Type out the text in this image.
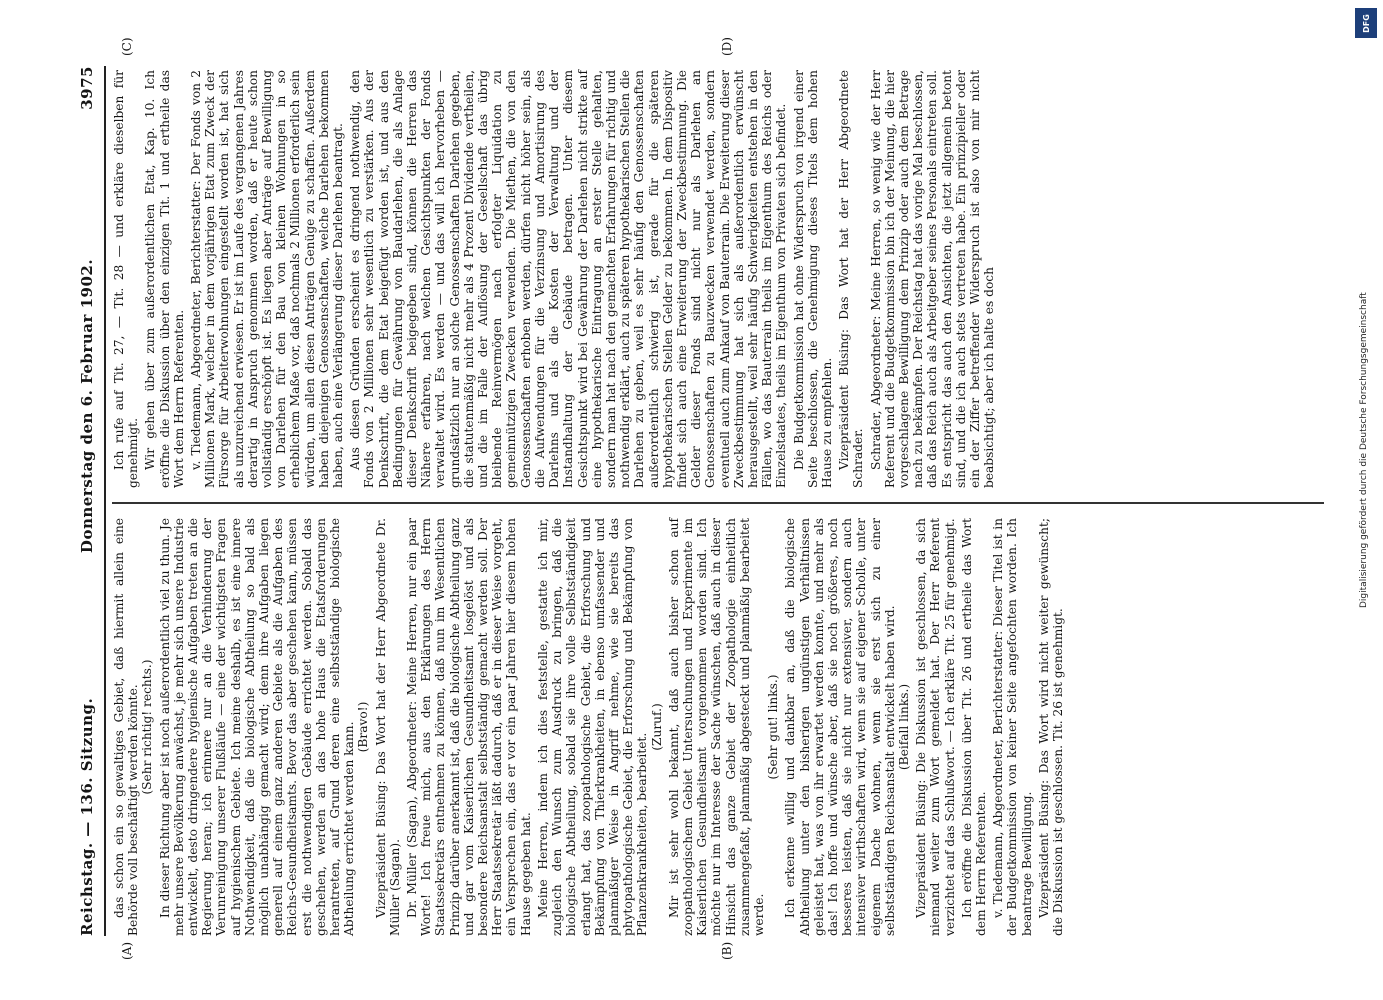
Reichstag. — 136. Sitzung.
Donnerstag den 6. Februar 1902.
3975
(A)	(B)
(C)	(D)

das schon ein so gewaltiges Gebiet, daß hiermit allein eine Behörde voll beschäftigt werden könnte. (Sehr richtig! rechts.) In dieser Richtung aber ist noch außerordentlich viel zu thun. Je mehr unsere Bevölkerung anwächst, je mehr sich unsere Industrie entwickelt, desto dringendere hygienische Aufgaben treten an die Regierung heran; ich erinnere nur an die Verhinderung der Verunreinigung unserer Flußläufe — eine der wichtigsten Fragen auf hygienischem Gebiete. Ich meine deshalb, es ist eine innere Nothwendigkeit, daß die biologische Abtheilung so bald als möglich unabhängig gemacht wird; denn ihre Aufgaben liegen generell auf einem ganz anderen Gebiete als die Aufgaben des Reichs-Gesundheitsamts. Bevor das aber geschehen kann, müssen erst die nothwendigen Gebäude errichtet werden. Sobald das geschehen, werden an das hohe Haus die Etatsforderungen herantreten, auf Grund deren eine selbstständige biologische Abtheilung errichtet werden kann. (Bravo!) Vizepräsident Büsing: Das Wort hat der Herr Abgeordnete Dr. Müller (Sagan). Dr. Müller (Sagan), Abgeordneter: Meine Herren, nur ein paar Worte! Ich freue mich, aus den Erklärungen des Herrn Staatssekretärs entnehmen zu können, daß nun im Wesentlichen Prinzip darüber anerkannt ist, daß die biologische Abtheilung ganz und gar vom Kaiserlichen Gesundheitsamt losgelöst und als besondere Reichsanstalt selbstständig gemacht werden soll. Der Herr Staatssekretär läßt dadurch, daß er in dieser Weise vorgeht, ein Versprechen ein, das er vor ein paar Jahren hier diesem hohen Hause gegeben hat. Meine Herren, indem ich dies feststelle, gestatte ich mir, zugleich den Wunsch zum Ausdruck zu bringen, daß die biologische Abtheilung, sobald sie ihre volle Selbstständigkeit erlangt hat, das zoopathologische Gebiet, die Erforschung und Bekämpfung von Thierkrankheiten, in ebenso umfassender und planmäßiger Weise in Angriff nehme, wie sie bereits das phytopathologische Gebiet, die Erforschung und Bekämpfung von Pflanzenkrankheiten, bearbeitet.

(Zuruf.) Mir ist sehr wohl bekannt, daß auch bisher schon auf zoopathologischem Gebiet Untersuchungen und Experimente im Kaiserlichen Gesundheitsamt vorgenommen worden sind. Ich möchte nur im Interesse der Sache wünschen, daß auch in dieser Hinsicht das ganze Gebiet der Zoopathologie einheitlich zusammengefaßt, planmäßig abgesteckt und planmäßig bearbeitet werde.

(Sehr gut! links.) Ich erkenne willig und dankbar an, daß die biologische Abtheilung unter den bisherigen ungünstigen Verhältnissen geleistet hat, was von ihr erwartet werden konnte, und mehr als das! Ich hoffe und wünsche aber, daß sie noch größeres, noch besseres leisten, daß sie nicht nur extensiver, sondern auch intensiver wirthschaften wird, wenn sie auf eigener Scholle, unter eigenem Dache wohnen, wenn sie erst sich zu einer selbstständigen Reichsanstalt entwickelt haben wird. (Beifall links.) Vizepräsident Büsing: Die Diskussion ist geschlossen, da sich niemand weiter zum Wort gemeldet hat. Der Herr Referent verzichtet auf das Schlußwort. — Ich erkläre Tit. 25 für genehmigt. Ich eröffne die Diskussion über Tit. 26 und ertheile das Wort dem Herrn Referenten. v. Tiedemann, Abgeordneter, Berichterstatter: Dieser Titel ist in der Budgetkommission von keiner Seite angefochten worden. Ich beantrage Bewilligung. Vizepräsident Büsing: Das Wort wird nicht weiter gewünscht; die Diskussion ist geschlossen. Tit. 26 ist genehmigt.

Ich rufe auf Tit. 27, — Tit. 28 — und erkläre dieselben für genehmigt. Wir gehen über zum außerordentlichen Etat, Kap. 10. Ich eröffne die Diskussion über den einzigen Tit. 1 und ertheile das Wort dem Herrn Referenten. v. Tiedemann, Abgeordneter, Berichterstatter: Der Fonds von 2 Millionen Mark, welcher in dem vorjährigen Etat zum Zweck der Fürsorge für Arbeiterwohnungen eingestellt worden ist, hat sich als unzureichend erwiesen. Er ist im Laufe des vergangenen Jahres derartig in Anspruch genommen worden, daß er heute schon vollständig erschöpft ist. Es liegen aber Anträge auf Bewilligung von Darlehen für den Bau von kleinen Wohnungen in so erheblichem Maße vor, daß nochmals 2 Millionen erforderlich sein würden, um allen diesen Anträgen Genüge zu schaffen. Außerdem haben diejenigen Genossenschaften, welche Darlehen bekommen haben, auch eine Verlängerung dieser Darlehen beantragt. Aus diesen Gründen erscheint es dringend nothwendig, den Fonds von 2 Millionen sehr wesentlich zu verstärken. Aus der Denkschrift, die dem Etat beigefügt worden ist, und aus den Bedingungen für Gewährung von Baudarlehen, die als Anlage dieser Denkschrift beigegeben sind, können die Herren das Nähere erfahren, nach welchen Gesichtspunkten der Fonds verwaltet wird. Es werden — und das will ich hervorheben — grundsätzlich nur an solche Genossenschaften Darlehen gegeben, die statutenmäßig nicht mehr als 4 Prozent Dividende vertheilen, und die im Falle der Auflösung der Gesellschaft das übrig bleibende Reinvermögen nach erfolgter Liquidation zu gemeinnützigen Zwecken verwenden. Die Miethen, die von den Genossenschaften erhoben werden, dürfen nicht höher sein, als die Aufwendungen für die Verzinsung und Amortisirung des Darlehns und als die Kosten der Verwaltung und der Instandhaltung der Gebäude betragen. Unter diesem Gesichtspunkt wird bei Gewährung der Darlehen nicht strikte auf eine hypothekarische Eintragung an erster Stelle gehalten, sondern man hat nach den gemachten Erfahrungen für richtig und nothwendig erklärt, auch zu späteren hypothekarischen Stellen die Darlehen zu geben, weil es sehr häufig den Genossenschaften außerordentlich schwierig ist, gerade für die späteren hypothekarischen Stellen Gelder zu bekommen. In dem Dispositiv findet sich auch eine Erweiterung der Zweckbestimmung. Die Gelder dieser Fonds sind nicht nur als Darlehen an Genossenschaften zu Bauzwecken verwendet werden, sondern eventuell auch zum Ankauf von Bauterrain. Die Erweiterung dieser Zweckbestimmung hat sich als außerordentlich erwünscht herausgestellt, weil sehr häufig Schwierigkeiten entstehen in den Fällen, wo das Bauterrain theils im Eigenthum des Reichs oder Einzelstaates, theils im Eigenthum von Privaten sich befindet. Die Budgetkommission hat ohne Widerspruch von irgend einer Seite beschlossen, die Genehmigung dieses Titels dem hohen Hause zu empfehlen. Vizepräsident Büsing: Das Wort hat der Herr Abgeordnete Schrader. Schrader, Abgeordneter: Meine Herren, so wenig wie der Herr Referent und die Budgetkommission bin ich der Meinung, die hier vorgeschlagene Bewilligung dem Prinzip oder auch dem Betrage nach zu bekämpfen. Der Reichstag hat das vorige Mal beschlossen, daß das Reich auch als Arbeitgeber seines Personals eintreten soll. Es entspricht das auch den Ansichten, die jetzt allgemein betont sind, und die ich auch stets vertreten habe. Ein prinzipieller oder ein der Ziffer betreffender Widerspruch ist also von mir nicht beabsichtigt; aber ich halte es doch

DFG
Digitalisierung gefördert durch die Deutsche Forschungsgemeinschaft
